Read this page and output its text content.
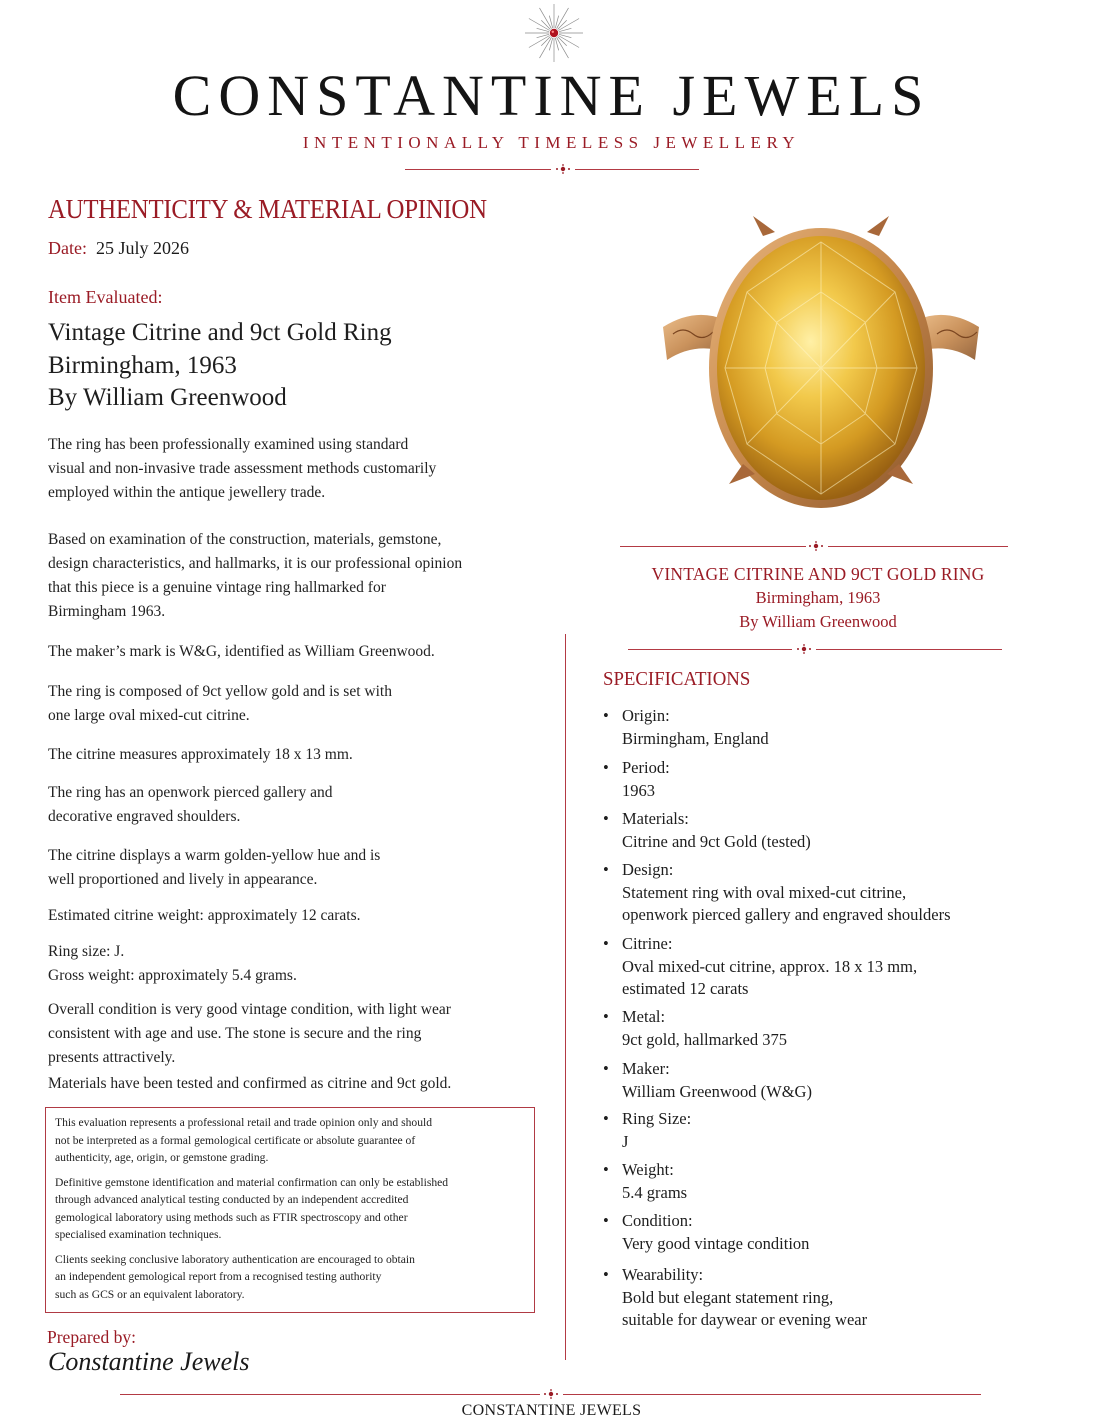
CONSTANTINE JEWELS
INTENTIONALLY TIMELESS JEWELLERY
AUTHENTICITY & MATERIAL OPINION
Date: 25 July 2026
Item Evaluated:
Vintage Citrine and 9ct Gold Ring
Birmingham, 1963
By William Greenwood
The ring has been professionally examined using standard
visual and non-invasive trade assessment methods customarily
employed within the antique jewellery trade.
Based on examination of the construction, materials, gemstone,
design characteristics, and hallmarks, it is our professional opinion
that this piece is a genuine vintage ring hallmarked for
Birmingham 1963.
The maker’s mark is W&G, identified as William Greenwood.
The ring is composed of 9ct yellow gold and is set with
one large oval mixed-cut citrine.
The citrine measures approximately 18 x 13 mm.
The ring has an openwork pierced gallery and
decorative engraved shoulders.
The citrine displays a warm golden-yellow hue and is
well proportioned and lively in appearance.
Estimated citrine weight: approximately 12 carats.
Ring size: J.
Gross weight: approximately 5.4 grams.
Overall condition is very good vintage condition, with light wear
consistent with age and use. The stone is secure and the ring
presents attractively.
Materials have been tested and confirmed as citrine and 9ct gold.

This evaluation represents a professional retail and trade opinion only and should
not be interpreted as a formal gemological certificate or absolute guarantee of
authenticity, age, origin, or gemstone grading.

Definitive gemstone identification and material confirmation can only be established
through advanced analytical testing conducted by an independent accredited
gemological laboratory using methods such as FTIR spectroscopy and other
specialised examination techniques.

Clients seeking conclusive laboratory authentication are encouraged to obtain
an independent gemological report from a recognised testing authority
such as GCS or an equivalent laboratory.

Prepared by:
Constantine Jewels
VINTAGE CITRINE AND 9CT GOLD RING
Birmingham, 1963
By William Greenwood
SPECIFICATIONS
• Origin:
Birmingham, England
• Period:
1963
• Materials:
Citrine and 9ct Gold (tested)
• Design:
Statement ring with oval mixed-cut citrine,
openwork pierced gallery and engraved shoulders
• Citrine:
Oval mixed-cut citrine, approx. 18 x 13 mm,
estimated 12 carats
• Metal:
9ct gold, hallmarked 375
• Maker:
William Greenwood (W&G)
• Ring Size:
J
• Weight:
5.4 grams
• Condition:
Very good vintage condition
• Wearability:
Bold but elegant statement ring,
suitable for daywear or evening wear
CONSTANTINE JEWELS
